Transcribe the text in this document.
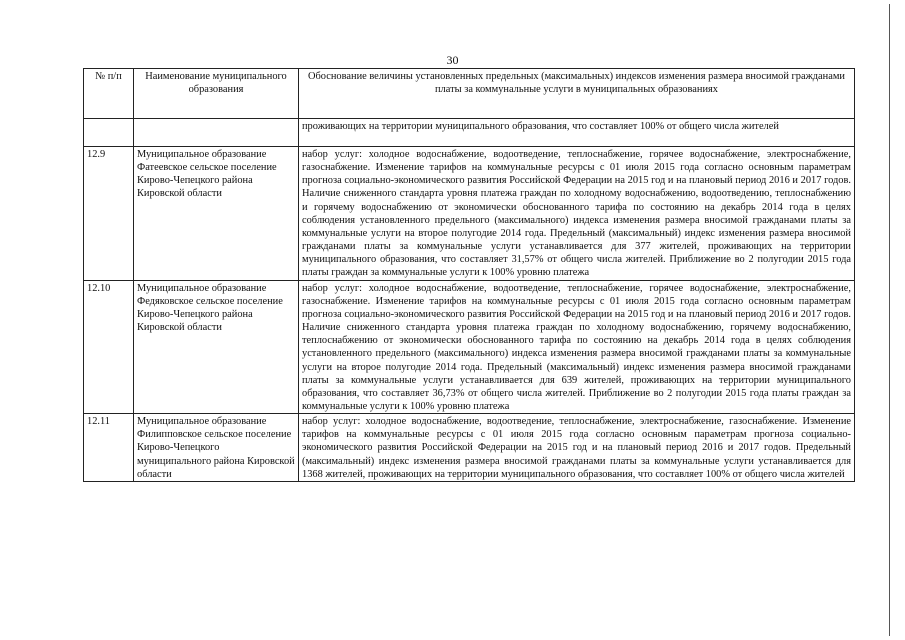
30
№ п/п	Наименование муниципального образования	Обоснование величины установленных предельных (максимальных) индексов изменения размера вносимой гражданами платы за коммунальные услуги в муниципальных образованиях
		проживающих на территории муниципального образования, что составляет 100% от общего числа жителей
12.9	Муниципальное образование Фатеевское сельское поселение Кирово-Чепецкого района Кировской области	набор услуг: холодное водоснабжение, водоотведение, теплоснабжение, горячее водоснабжение, электроснабжение, газоснабжение. Изменение тарифов на коммунальные ресурсы с 01 июля 2015 года согласно основным параметрам прогноза социально-экономического развития Российской Федерации на 2015 год и на плановый период 2016 и 2017 годов. Наличие сниженного стандарта уровня платежа граждан по холодному водоснабжению, водоотведению, теплоснабжению и горячему водоснабжению от экономически обоснованного тарифа по состоянию на декабрь 2014 года в целях соблюдения установленного предельного (максимального) индекса изменения размера вносимой гражданами платы за коммунальные услуги на второе полугодие 2014 года. Предельный (максимальный) индекс изменения размера вносимой гражданами платы за коммунальные услуги устанавливается для 377 жителей, проживающих на территории муниципального образования, что составляет 31,57% от общего числа жителей. Приближение во 2 полугодии 2015 года платы граждан за коммунальные услуги к 100% уровню платежа
12.10	Муниципальное образование Федяковское сельское поселение Кирово-Чепецкого района Кировской области	набор услуг: холодное водоснабжение, водоотведение, теплоснабжение, горячее водоснабжение, электроснабжение, газоснабжение. Изменение тарифов на коммунальные ресурсы с 01 июля 2015 года согласно основным параметрам прогноза социально-экономического развития Российской Федерации на 2015 год и на плановый период 2016 и 2017 годов. Наличие сниженного стандарта уровня платежа граждан по холодному водоснабжению, горячему водоснабжению, теплоснабжению от экономически обоснованного тарифа по состоянию на декабрь 2014 года в целях соблюдения установленного предельного (максимального) индекса изменения размера вносимой гражданами платы за коммунальные услуги на второе полугодие 2014 года. Предельный (максимальный) индекс изменения размера вносимой гражданами платы за коммунальные услуги устанавливается для 639 жителей, проживающих на территории муниципального образования, что составляет 36,73% от общего числа жителей. Приближение во 2 полугодии 2015 года платы граждан за коммунальные услуги к 100% уровню платежа
12.11	Муниципальное образование Филипповское сельское поселение Кирово-Чепецкого муниципального района Кировской области	набор услуг: холодное водоснабжение, водоотведение, теплоснабжение, электроснабжение, газоснабжение. Изменение тарифов на коммунальные ресурсы с 01 июля 2015 года согласно основным параметрам прогноза социально-экономического развития Российской Федерации на 2015 год и на плановый период 2016 и 2017 годов. Предельный (максимальный) индекс изменения размера вносимой гражданами платы за коммунальные услуги устанавливается для 1368 жителей, проживающих на территории муниципального образования, что составляет 100% от общего числа жителей
